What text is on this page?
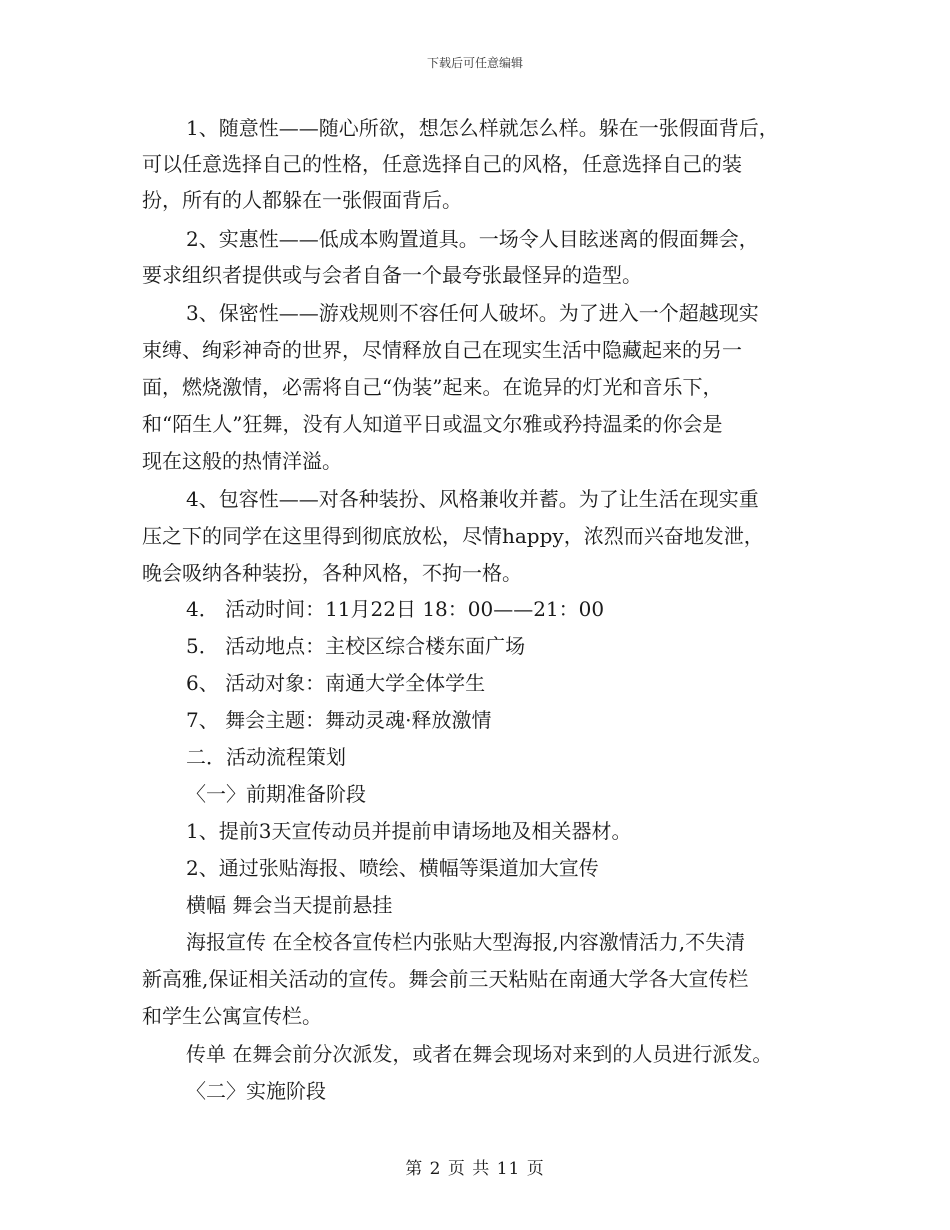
下载后可任意编辑
1、随意性——随心所欲，想怎么样就怎么样。躲在一张假面背后，
可以任意选择自己的性格，任意选择自己的风格，任意选择自己的装
扮，所有的人都躲在一张假面背后。
2、实惠性——低成本购置道具。一场令人目眩迷离的假面舞会，
要求组织者提供或与会者自备一个最夸张最怪异的造型。
3、保密性——游戏规则不容任何人破坏。为了进入一个超越现实
束缚、绚彩神奇的世界，尽情释放自己在现实生活中隐藏起来的另一
面，燃烧激情，必需将自己“伪装”起来。在诡异的灯光和音乐下，
和“陌生人”狂舞，没有人知道平日或温文尔雅或矜持温柔的你会是
现在这般的热情洋溢。
4、包容性——对各种装扮、风格兼收并蓄。为了让生活在现实重
压之下的同学在这里得到彻底放松，尽情happy，浓烈而兴奋地发泄，
晚会吸纳各种装扮，各种风格，不拘一格。
4． 活动时间：11月22日 18：00——21：00
5． 活动地点：主校区综合楼东面广场
6、 活动对象：南通大学全体学生
7、 舞会主题：舞动灵魂·释放激情
二．活动流程策划
〈一〉前期准备阶段
1、提前3天宣传动员并提前申请场地及相关器材。
2、通过张贴海报、喷绘、横幅等渠道加大宣传
横幅 舞会当天提前悬挂
海报宣传 在全校各宣传栏内张贴大型海报,内容激情活力,不失清
新高雅,保证相关活动的宣传。舞会前三天粘贴在南通大学各大宣传栏
和学生公寓宣传栏。
传单 在舞会前分次派发，或者在舞会现场对来到的人员进行派发。
〈二〉实施阶段
第 2 页 共 11 页
